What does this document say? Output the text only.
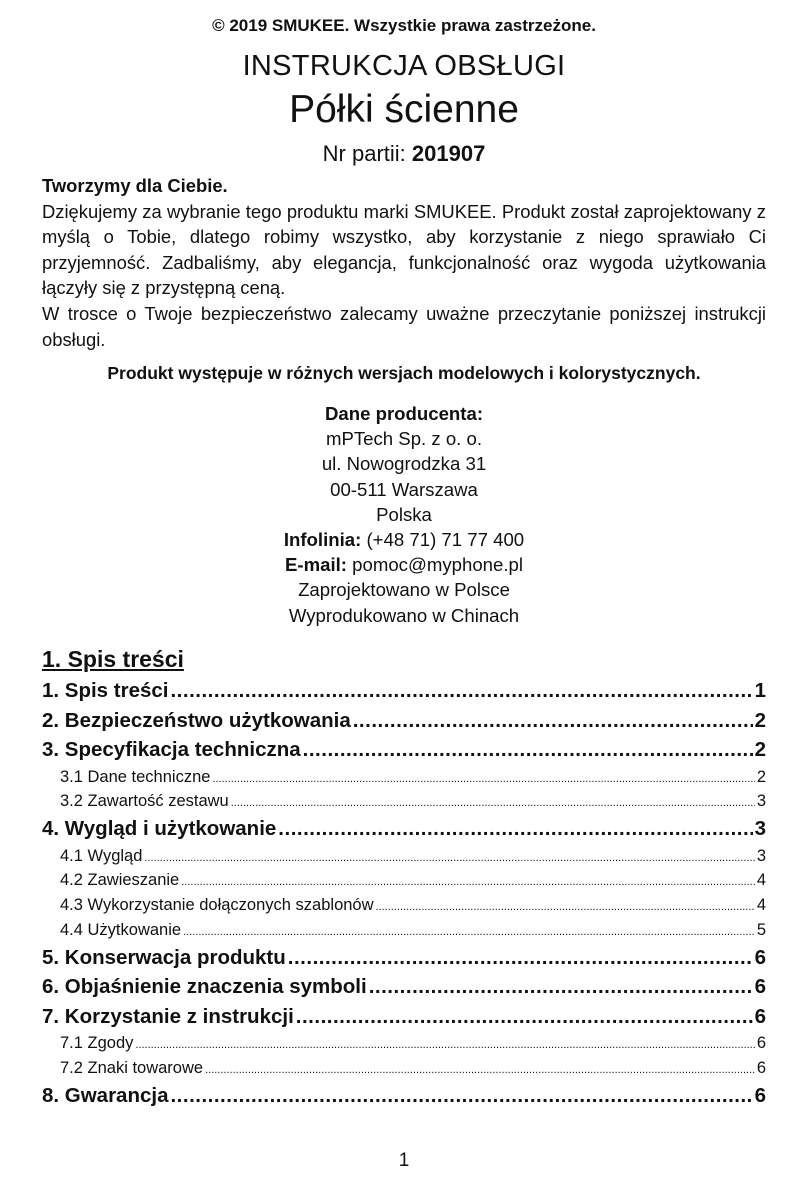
© 2019 SMUKEE. Wszystkie prawa zastrzeżone.
INSTRUKCJA OBSŁUGI
Półki ścienne
Nr partii: 201907

Tworzymy dla Ciebie.

Dziękujemy za wybranie tego produktu marki SMUKEE. Produkt został zaprojektowany z myślą o Tobie, dlatego robimy wszystko, aby korzystanie z niego sprawiało Ci przyjemność. Zadbaliśmy, aby elegancja, funkcjonalność oraz wygoda użytkowania łączyły się z przystępną ceną.

W trosce o Twoje bezpieczeństwo zalecamy uważne przeczytanie poniższej instrukcji obsługi.

Produkt występuje w różnych wersjach modelowych i kolorystycznych.
Dane producenta:
mPTech Sp. z o. o.
ul. Nowogrodzka 31
00-511 Warszawa
Polska
Infolinia: (+48 71) 71 77 400
E-mail: pomoc@myphone.pl
Zaprojektowano w Polsce
Wyprodukowano w Chinach
1. Spis treści
1. Spis treści .....	1
2. Bezpieczeństwo użytkowania .....	2
3. Specyfikacja techniczna .....	2
3.1 Dane techniczne .....	2
3.2 Zawartość zestawu .....	3
4. Wygląd i użytkowanie .....	3
4.1 Wygląd .....	3
4.2 Zawieszanie .....	4
4.3 Wykorzystanie dołączonych szablonów .....	4
4.4 Użytkowanie .....	5
5. Konserwacja produktu .....	6
6. Objaśnienie znaczenia symboli .....	6
7. Korzystanie z instrukcji .....	6
7.1 Zgody .....	6
7.2 Znaki towarowe .....	6
8. Gwarancja .....	6
1
